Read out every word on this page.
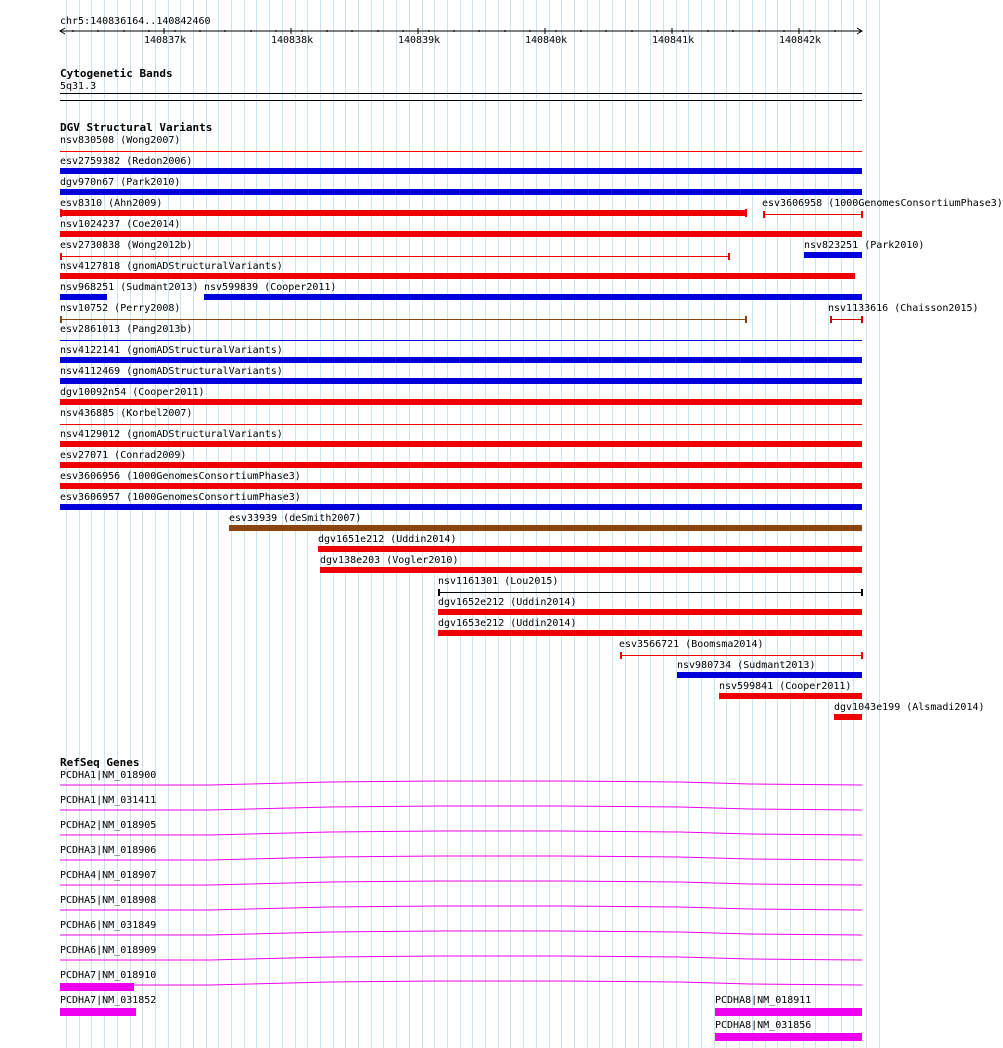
chr5:140836164..140842460
140837k	140838k	140839k	140840k	140841k	140842k
Cytogenetic Bands
5q31.3
DGV Structural Variants
nsv830508 (Wong2007)
esv2759382 (Redon2006)
dgv970n67 (Park2010)
esv8310 (Ahn2009)	esv3606958 (1000GenomesConsortiumPhase3)
nsv1024237 (Coe2014)
esv2730838 (Wong2012b)	nsv823251 (Park2010)
nsv4127818 (gnomADStructuralVariants)
nsv968251 (Sudmant2013) nsv599839 (Cooper2011)
nsv10752 (Perry2008)	nsv1133616 (Chaisson2015)
esv2861013 (Pang2013b)
nsv4122141 (gnomADStructuralVariants)
nsv4112469 (gnomADStructuralVariants)
dgv10092n54 (Cooper2011)
nsv436885 (Korbel2007)
nsv4129012 (gnomADStructuralVariants)
esv27071 (Conrad2009)
esv3606956 (1000GenomesConsortiumPhase3)
esv3606957 (1000GenomesConsortiumPhase3)
esv33939 (deSmith2007)
dgv1651e212 (Uddin2014)
dgv138e203 (Vogler2010)
nsv1161301 (Lou2015)
dgv1652e212 (Uddin2014)
dgv1653e212 (Uddin2014)
esv3566721 (Boomsma2014)
nsv980734 (Sudmant2013)
nsv599841 (Cooper2011)
dgv1043e199 (Alsmadi2014)
RefSeq Genes
PCDHA1|NM_018900
PCDHA1|NM_031411
PCDHA2|NM_018905
PCDHA3|NM_018906
PCDHA4|NM_018907
PCDHA5|NM_018908
PCDHA6|NM_031849
PCDHA6|NM_018909
PCDHA7|NM_018910
PCDHA7|NM_031852	PCDHA8|NM_018911
PCDHA8|NM_031856
